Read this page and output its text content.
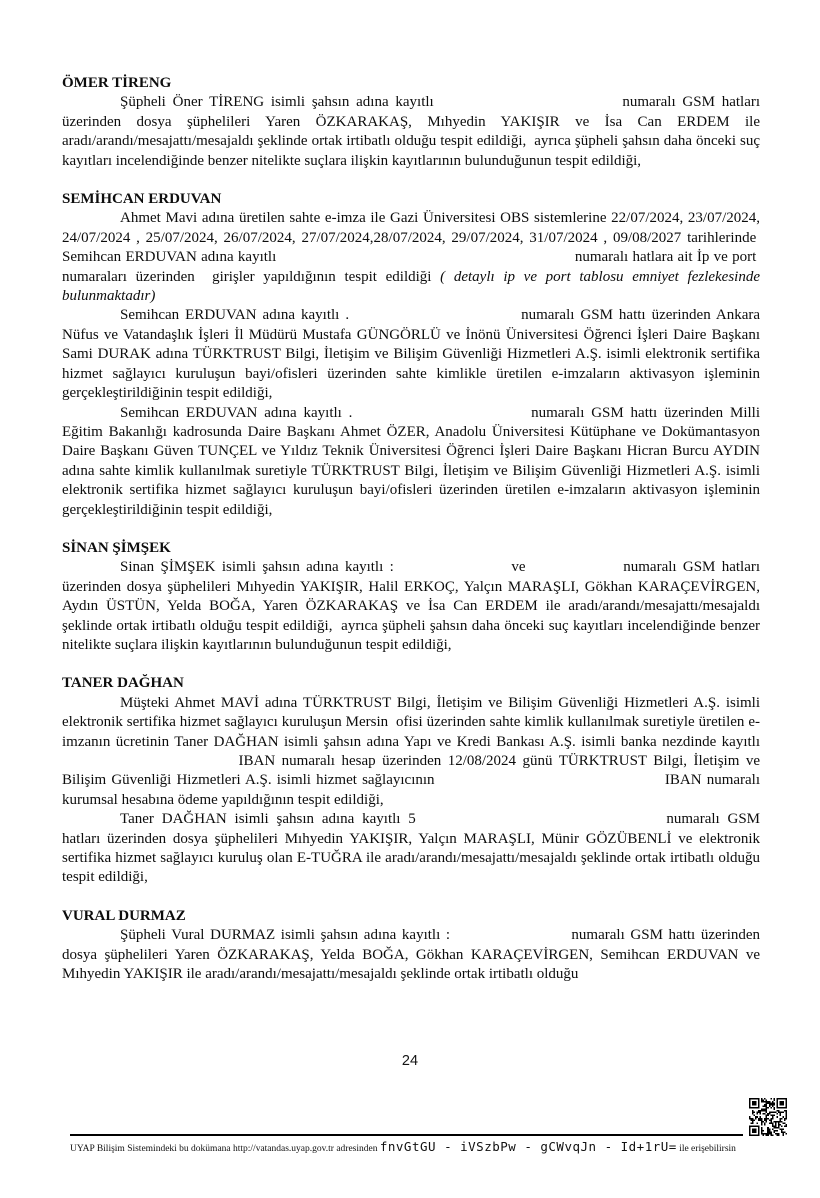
ÖMER TİRENG

Şüpheli Öner TİRENG isimli şahsın adına kayıtlı	numaralı GSM hatları üzerinden dosya şüphelileri Yaren ÖZKARAKAŞ, Mıhyedin YAKIŞIR ve İsa Can ERDEM ile aradı/arandı/mesajattı/mesajaldı şeklinde ortak irtibatlı olduğu tespit edildiği,  ayrıca şüpheli şahsın daha önceki suç kayıtları incelendiğinde benzer nitelikte suçlara ilişkin kayıtlarının bulunduğunun tespit edildiği,

SEMİHCAN ERDUVAN

Ahmet Mavi adına üretilen sahte e-imza ile Gazi Üniversitesi OBS sistemlerine 22/07/2024, 23/07/2024, 24/07/2024 , 25/07/2024, 26/07/2024, 27/07/2024,28/07/2024, 29/07/2024, 31/07/2024 , 09/08/2027 tarihlerinde  Semihcan ERDUVAN adına kayıtlı	numaralı hatlara ait İp ve port  numaraları üzerinden  girişler yapıldığının tespit edildiği ( detaylı ip ve port tablosu emniyet fezlekesinde bulunmaktadır)

Semihcan ERDUVAN adına kayıtlı .	numaralı GSM hattı üzerinden Ankara Nüfus ve Vatandaşlık İşleri İl Müdürü Mustafa GÜNGÖRLÜ ve İnönü Üniversitesi Öğrenci İşleri Daire Başkanı Sami DURAK adına TÜRKTRUST Bilgi, İletişim ve Bilişim Güvenliği Hizmetleri A.Ş. isimli elektronik sertifika hizmet sağlayıcı kuruluşun bayi/ofisleri üzerinden sahte kimlikle üretilen e-imzaların aktivasyon işleminin gerçekleştirildiğinin tespit edildiği,

Semihcan ERDUVAN adına kayıtlı .	numaralı GSM hattı üzerinden Milli Eğitim Bakanlığı kadrosunda Daire Başkanı Ahmet ÖZER, Anadolu Üniversitesi Kütüphane ve Dokümantasyon Daire Başkanı Güven TUNÇEL ve Yıldız Teknik Üniversitesi Öğrenci İşleri Daire Başkanı Hicran Burcu AYDIN adına sahte kimlik kullanılmak suretiyle TÜRKTRUST Bilgi, İletişim ve Bilişim Güvenliği Hizmetleri A.Ş. isimli elektronik sertifika hizmet sağlayıcı kuruluşun bayi/ofisleri üzerinden üretilen e-imzaların aktivasyon işleminin gerçekleştirildiğinin tespit edildiği,

SİNAN ŞİMŞEK

Sinan ŞİMŞEK isimli şahsın adına kayıtlı :	ve	numaralı GSM hatları üzerinden dosya şüphelileri Mıhyedin YAKIŞIR, Halil ERKOÇ, Yalçın MARAŞLI, Gökhan KARAÇEVİRGEN, Aydın ÜSTÜN, Yelda BOĞA, Yaren ÖZKARAKAŞ ve İsa Can ERDEM ile aradı/arandı/mesajattı/mesajaldı şeklinde ortak irtibatlı olduğu tespit edildiği,  ayrıca şüpheli şahsın daha önceki suç kayıtları incelendiğinde benzer nitelikte suçlara ilişkin kayıtlarının bulunduğunun tespit edildiği,

TANER DAĞHAN

Müşteki Ahmet MAVİ adına TÜRKTRUST Bilgi, İletişim ve Bilişim Güvenliği Hizmetleri A.Ş. isimli elektronik sertifika hizmet sağlayıcı kuruluşun Mersin  ofisi üzerinden sahte kimlik kullanılmak suretiyle üretilen e-imzanın ücretinin Taner DAĞHAN isimli şahsın adına Yapı ve Kredi Bankası A.Ş. isimli banka nezdinde kayıtlı  IBAN numaralı hesap üzerinden 12/08/2024 günü TÜRKTRUST Bilgi, İletişim ve Bilişim Güvenliği Hizmetleri A.Ş. isimli hizmet sağlayıcının	IBAN numaralı kurumsal hesabına ödeme yapıldığının tespit edildiği,

Taner DAĞHAN isimli şahsın adına kayıtlı 5	numaralı GSM hatları üzerinden dosya şüphelileri Mıhyedin YAKIŞIR, Yalçın MARAŞLI, Münir GÖZÜBENLİ ve elektronik sertifika hizmet sağlayıcı kuruluş olan E-TUĞRA ile aradı/arandı/mesajattı/mesajaldı şeklinde ortak irtibatlı olduğu tespit edildiği,

VURAL DURMAZ

Şüpheli Vural DURMAZ isimli şahsın adına kayıtlı :	numaralı GSM hattı üzerinden dosya şüphelileri Yaren ÖZKARAKAŞ, Yelda BOĞA, Gökhan KARAÇEVİRGEN, Semihcan ERDUVAN ve Mıhyedin YAKIŞIR ile aradı/arandı/mesajattı/mesajaldı şeklinde ortak irtibatlı olduğu

24
UYAP Bilişim Sistemindeki bu dokümana http://vatandas.uyap.gov.tr adresinden fnvGtGU - iVSzbPw - gCWvqJn - Id+1rU= ile erişebilirsin
